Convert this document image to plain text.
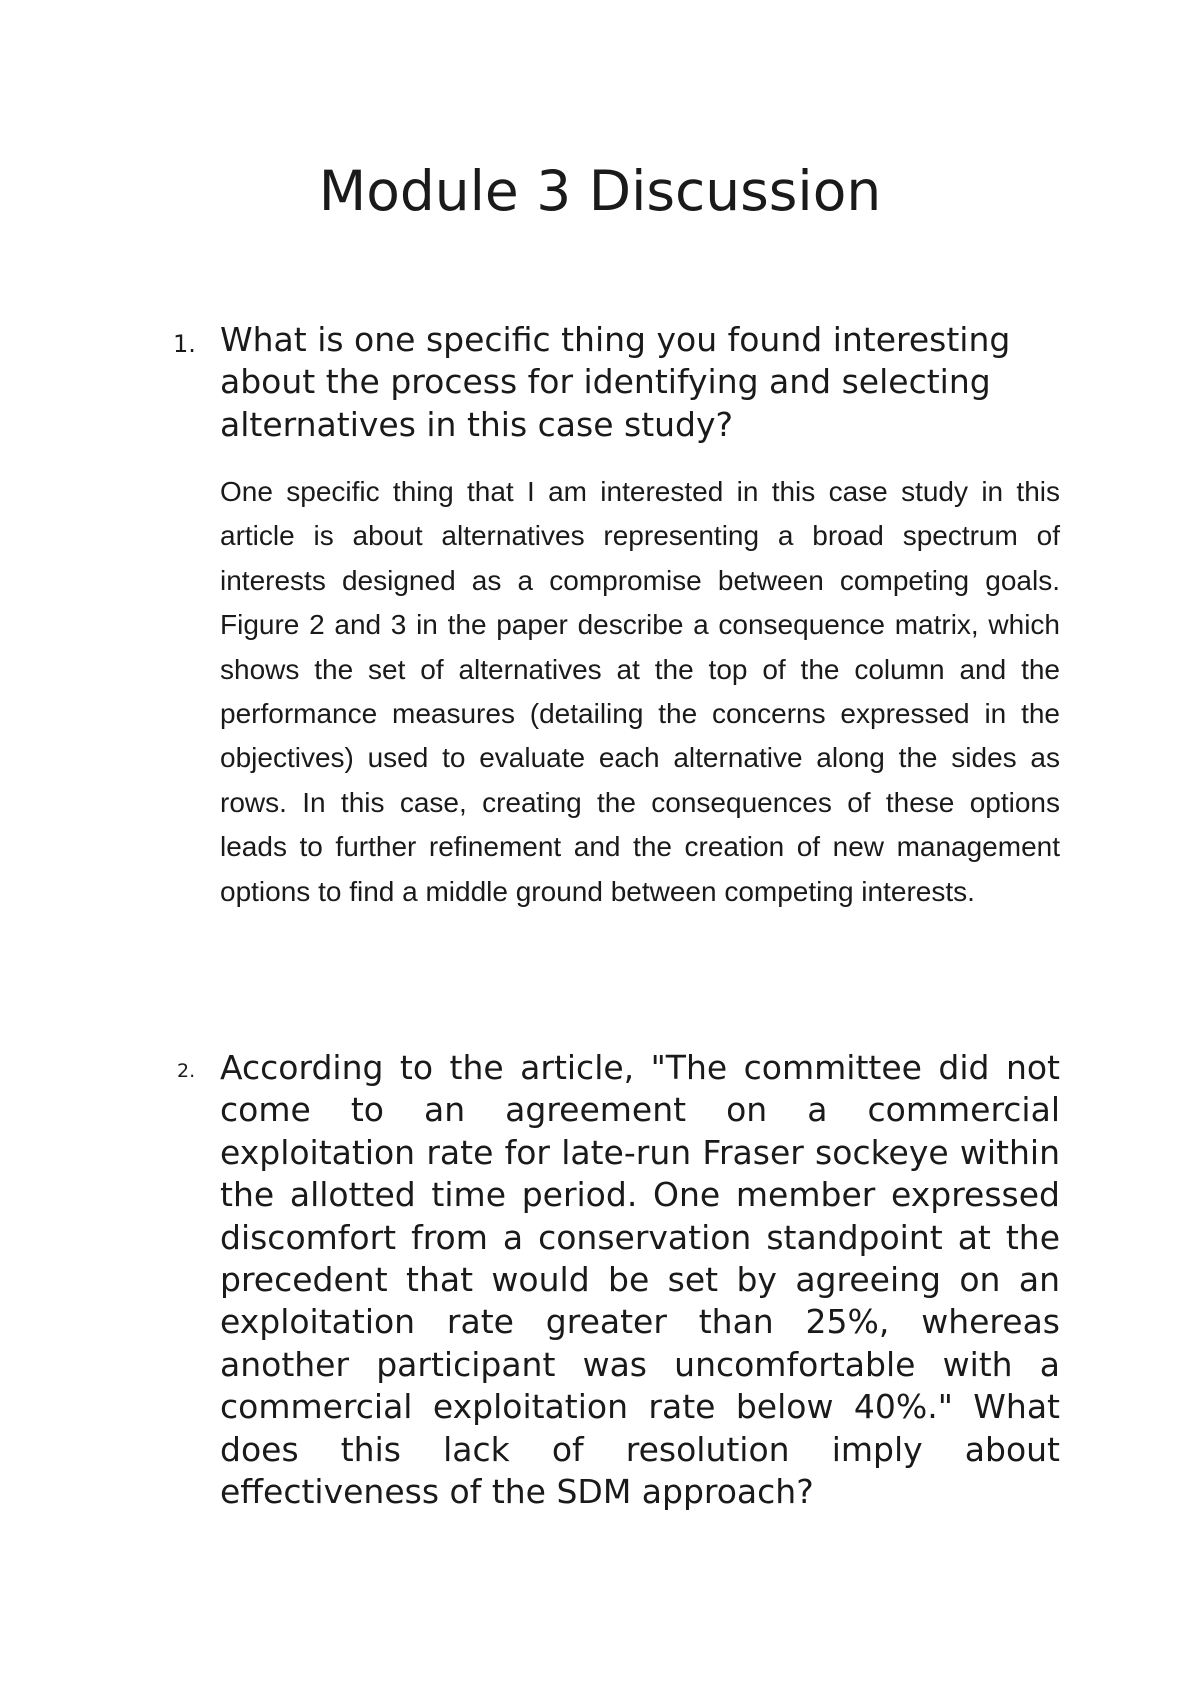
Module 3 Discussion
1. What is one specific thing you found interesting about the process for identifying and selecting alternatives in this case study?

One specific thing that I am interested in this case study in this article is about alternatives representing a broad spectrum of interests designed as a compromise between competing goals. Figure 2 and 3 in the paper describe a consequence matrix, which shows the set of alternatives at the top of the column and the performance measures (detailing the concerns expressed in the objectives) used to evaluate each alternative along the sides as rows. In this case, creating the consequences of these options leads to further refinement and the creation of new management options to find a middle ground between competing interests.

2. According to the article, "The committee did not come to an agreement on a commercial exploitation rate for late-run Fraser sockeye within the allotted time period. One member expressed discomfort from a conservation standpoint at the precedent that would be set by agreeing on an exploitation rate greater than 25%, whereas another participant was uncomfortable with a commercial exploitation rate below 40%." What does this lack of resolution imply about effectiveness of the SDM approach?
